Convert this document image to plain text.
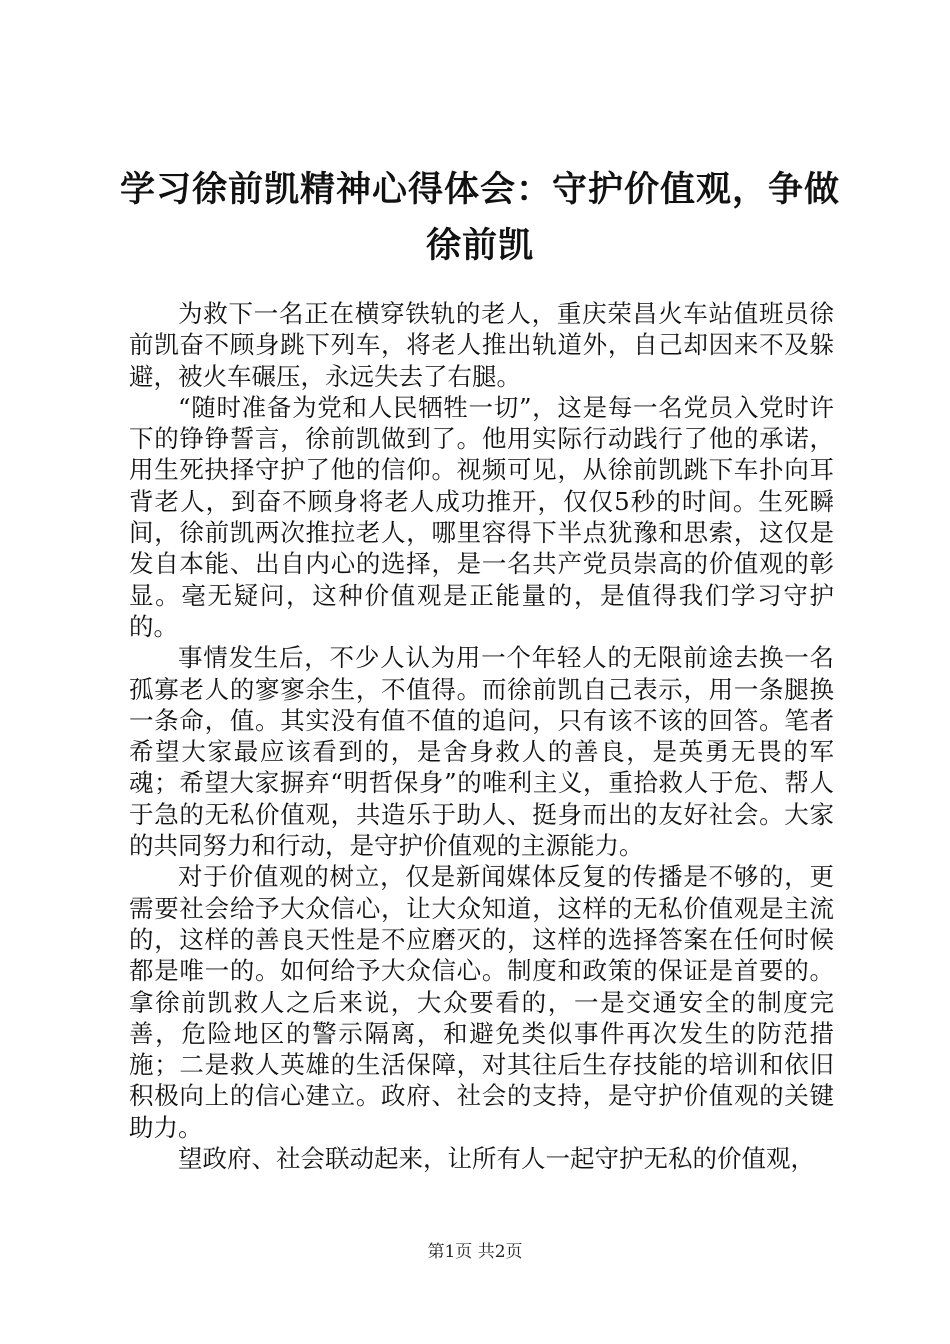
学习徐前凯精神心得体会：守护价值观，争做徐前凯

为救下一名正在横穿铁轨的老人，重庆荣昌火车站值班员徐前凯奋不顾身跳下列车，将老人推出轨道外，自己却因来不及躲避，被火车碾压，永远失去了右腿。

“随时准备为党和人民牺牲一切”，这是每一名党员入党时许下的铮铮誓言，徐前凯做到了。他用实际行动践行了他的承诺，用生死抉择守护了他的信仰。视频可见，从徐前凯跳下车扑向耳背老人，到奋不顾身将老人成功推开，仅仅5秒的时间。生死瞬间，徐前凯两次推拉老人，哪里容得下半点犹豫和思索，这仅是发自本能、出自内心的选择，是一名共产党员崇高的价值观的彰显。毫无疑问，这种价值观是正能量的，是值得我们学习守护的。

事情发生后，不少人认为用一个年轻人的无限前途去换一名孤寡老人的寥寥余生，不值得。而徐前凯自己表示，用一条腿换一条命，值。其实没有值不值的追问，只有该不该的回答。笔者希望大家最应该看到的，是舍身救人的善良，是英勇无畏的军魂；希望大家摒弃“明哲保身”的唯利主义，重拾救人于危、帮人于急的无私价值观，共造乐于助人、挺身而出的友好社会。大家的共同努力和行动，是守护价值观的主源能力。

对于价值观的树立，仅是新闻媒体反复的传播是不够的，更需要社会给予大众信心，让大众知道，这样的无私价值观是主流的，这样的善良天性是不应磨灭的，这样的选择答案在任何时候都是唯一的。如何给予大众信心。制度和政策的保证是首要的。拿徐前凯救人之后来说，大众要看的，一是交通安全的制度完善，危险地区的警示隔离，和避免类似事件再次发生的防范措施；二是救人英雄的生活保障，对其往后生存技能的培训和依旧积极向上的信心建立。政府、社会的支持，是守护价值观的关键助力。

望政府、社会联动起来，让所有人一起守护无私的价值观，

第1页 共2页
